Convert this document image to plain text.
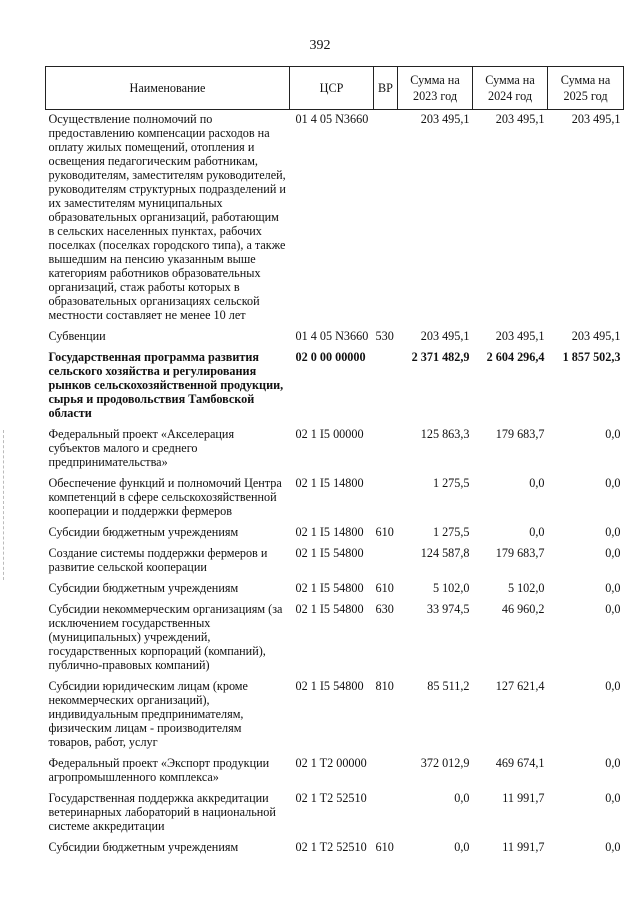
392
Наименование	ЦСР	ВР	Сумма на 2023 год	Сумма на 2024 год	Сумма на 2025 год
Осуществление полномочий по предоставлению компенсации расходов на оплату жилых помещений, отопления и освещения педагогическим работникам, руководителям, заместителям руководителей, руководителям структурных подразделений и их заместителям муниципальных образовательных организаций, работающим в сельских населенных пунктах, рабочих поселках (поселках городского типа), а также вышедшим на пенсию указанным выше категориям работников образовательных организаций, стаж работы которых в образовательных организациях сельской местности составляет не менее 10 лет	01 4 05 N3660		203 495,1	203 495,1	203 495,1
Субвенции	01 4 05 N3660	530	203 495,1	203 495,1	203 495,1
Государственная программа развития сельского хозяйства и регулирования рынков сельскохозяйственной продукции, сырья и продовольствия Тамбовской области	02 0 00 00000		2 371 482,9	2 604 296,4	1 857 502,3
Федеральный проект «Акселерация субъектов малого и среднего предпринимательства»	02 1 I5 00000		125 863,3	179 683,7	0,0
Обеспечение функций и полномочий Центра компетенций в сфере сельскохозяйственной кооперации и поддержки фермеров	02 1 I5 14800		1 275,5	0,0	0,0
Субсидии бюджетным учреждениям	02 1 I5 14800	610	1 275,5	0,0	0,0
Создание системы поддержки фермеров и развитие сельской кооперации	02 1 I5 54800		124 587,8	179 683,7	0,0
Субсидии бюджетным учреждениям	02 1 I5 54800	610	5 102,0	5 102,0	0,0
Субсидии некоммерческим организациям (за исключением государственных (муниципальных) учреждений, государственных корпораций (компаний), публично-правовых компаний)	02 1 I5 54800	630	33 974,5	46 960,2	0,0
Субсидии юридическим лицам (кроме некоммерческих организаций), индивидуальным предпринимателям, физическим лицам - производителям товаров, работ, услуг	02 1 I5 54800	810	85 511,2	127 621,4	0,0
Федеральный проект «Экспорт продукции агропромышленного комплекса»	02 1 T2 00000		372 012,9	469 674,1	0,0
Государственная поддержка аккредитации ветеринарных лабораторий в национальной системе аккредитации	02 1 T2 52510		0,0	11 991,7	0,0
Субсидии бюджетным учреждениям	02 1 T2 52510	610	0,0	11 991,7	0,0
